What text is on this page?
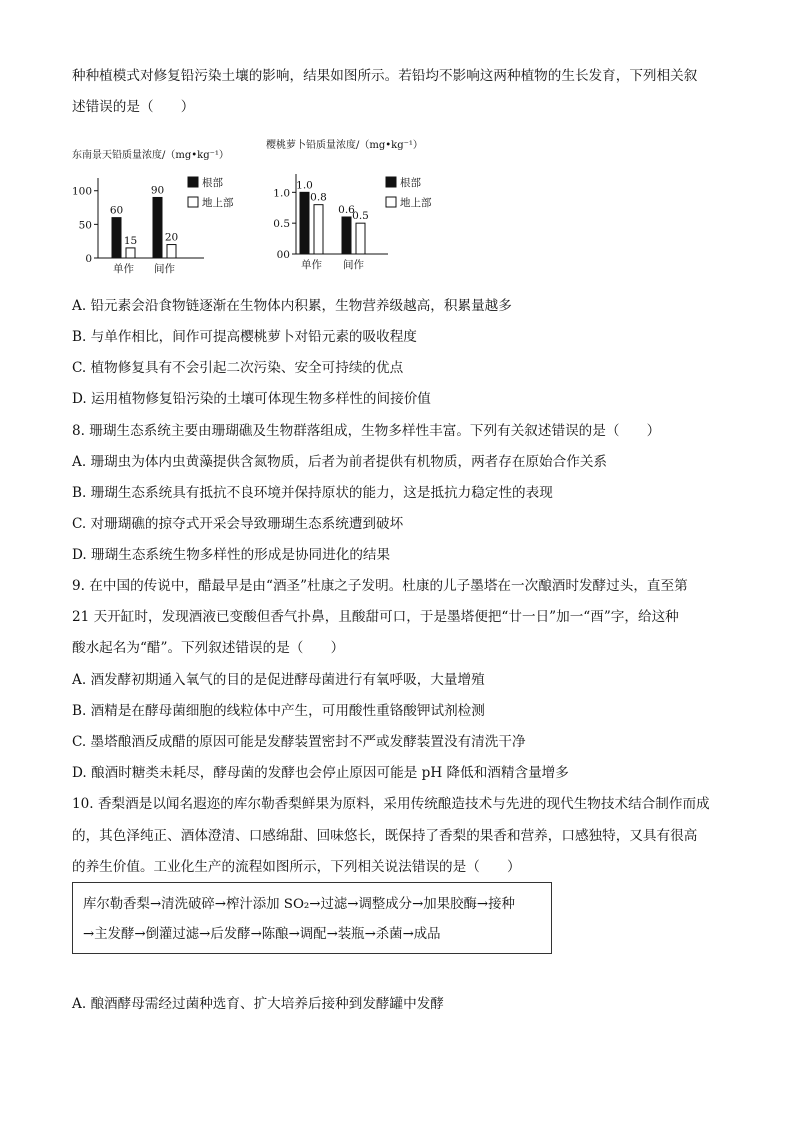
种种植模式对修复铅污染土壤的影响，结果如图所示。若铅均不影响这两种植物的生长发育，下列相关叙
述错误的是（　　）
东南景天铅质量浓度/（mg•kg⁻¹）
0
50
100
60
15
单作
90
20
间作
根部
地上部
樱桃萝卜铅质量浓度/（mg•kg⁻¹）
00
0.5
1.0
1.0
0.8
单作
0.6
0.5
间作
根部
地上部
A. 铅元素会沿食物链逐渐在生物体内积累，生物营养级越高，积累量越多
B. 与单作相比，间作可提高樱桃萝卜对铅元素的吸收程度
C. 植物修复具有不会引起二次污染、安全可持续的优点
D. 运用植物修复铅污染的土壤可体现生物多样性的间接价值
8. 珊瑚生态系统主要由珊瑚礁及生物群落组成，生物多样性丰富。下列有关叙述错误的是（　　）
A. 珊瑚虫为体内虫黄藻提供含氮物质，后者为前者提供有机物质，两者存在原始合作关系
B. 珊瑚生态系统具有抵抗不良环境并保持原状的能力，这是抵抗力稳定性的表现
C. 对珊瑚礁的掠夺式开采会导致珊瑚生态系统遭到破坏
D. 珊瑚生态系统生物多样性的形成是协同进化的结果
9. 在中国的传说中，醋最早是由“酒圣”杜康之子发明。杜康的儿子墨塔在一次酿酒时发酵过头，直至第
21 天开缸时，发现酒液已变酸但香气扑鼻，且酸甜可口，于是墨塔便把“廿一日”加一“酉”字，给这种
酸水起名为“醋”。下列叙述错误的是（　　）
A. 酒发酵初期通入氧气的目的是促进酵母菌进行有氧呼吸，大量增殖
B. 酒精是在酵母菌细胞的线粒体中产生，可用酸性重铬酸钾试剂检测
C. 墨塔酿酒反成醋的原因可能是发酵装置密封不严或发酵装置没有清洗干净
D. 酿酒时糖类未耗尽，酵母菌的发酵也会停止原因可能是 pH 降低和酒精含量增多
10. 香梨酒是以闻名遐迩的库尔勒香梨鲜果为原料，采用传统酿造技术与先进的现代生物技术结合制作而成
的，其色泽纯正、酒体澄清、口感绵甜、回味悠长，既保持了香梨的果香和营养，口感独特，又具有很高
的养生价值。工业化生产的流程如图所示，下列相关说法错误的是（　　）
库尔勒香梨→清洗破碎→榨汁添加 SO₂→过滤→调整成分→加果胶酶→接种
→主发酵→倒灌过滤→后发酵→陈酿→调配→装瓶→杀菌→成品
A. 酿酒酵母需经过菌种选育、扩大培养后接种到发酵罐中发酵
